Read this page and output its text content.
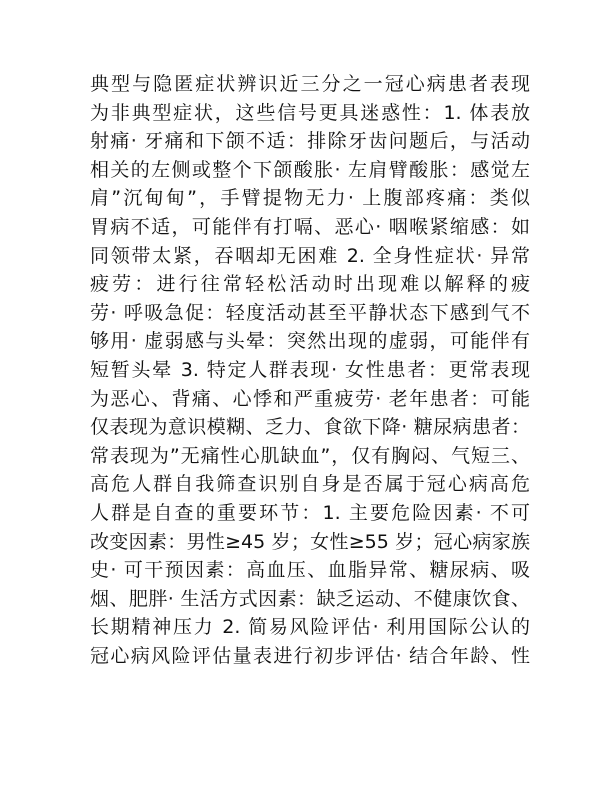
典型与隐匿症状辨识近三分之一冠心病患者表现
为非典型症状，这些信号更具迷惑性：1. 体表放
射痛· 牙痛和下颌不适：排除牙齿问题后，与活动
相关的左侧或整个下颌酸胀· 左肩臂酸胀：感觉左
肩”沉甸甸”，手臂提物无力· 上腹部疼痛：类似
胃病不适，可能伴有打嗝、恶心· 咽喉紧缩感：如
同领带太紧，吞咽却无困难 2. 全身性症状· 异常
疲劳：进行往常轻松活动时出现难以解释的疲
劳· 呼吸急促：轻度活动甚至平静状态下感到气不
够用· 虚弱感与头晕：突然出现的虚弱，可能伴有
短暂头晕 3. 特定人群表现· 女性患者：更常表现
为恶心、背痛、心悸和严重疲劳· 老年患者：可能
仅表现为意识模糊、乏力、食欲下降· 糖尿病患者：
常表现为”无痛性心肌缺血”，仅有胸闷、气短三、
高危人群自我筛查识别自身是否属于冠心病高危
人群是自查的重要环节：1. 主要危险因素· 不可
改变因素：男性≥45 岁；女性≥55 岁；冠心病家族
史· 可干预因素：高血压、血脂异常、糖尿病、吸
烟、肥胖· 生活方式因素：缺乏运动、不健康饮食、
长期精神压力 2. 简易风险评估· 利用国际公认的
冠心病风险评估量表进行初步评估· 结合年龄、性
